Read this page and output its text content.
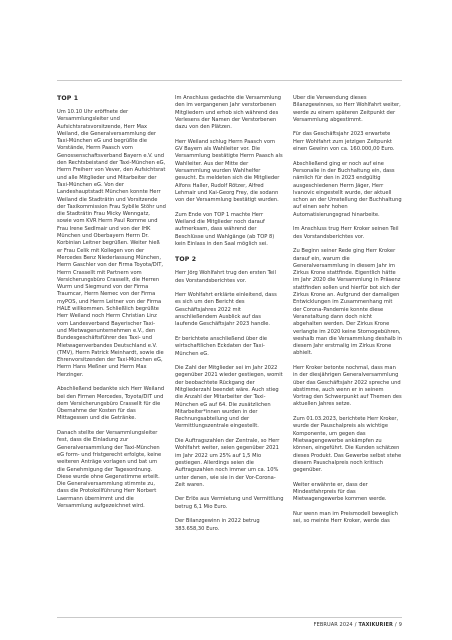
TOP 1

Um 10.10 Uhr eröffnete der Versammlungsleiter und Aufsichtsratsvorsitzende, Herr Max Weiland, die Generalversammlung der Taxi-München eG und begrüßte die Vorstände, Herrn Paasch vom Genossenschaftsverband Bayern e.V. und den Rechtsbeistand der Taxi-München eG, Herrn Freiherr von Vever, den Aufsichtsrat und alle Mitglieder und Mitarbeiter der Taxi-München eG. Von der Landeshauptstadt München konnte Herr Weiland die Stadträtin und Vorsitzende der Taxikommission Frau Sybille Stöhr und die Stadträtin Frau Micky Wenngatz, sowie vom KVR Herrn Paul Romme und Frau Irene Sedlmair und von der IHK München und Oberbayern Herrn Dr. Korbinian Leitner begrüßen. Weiter hieß er Frau Celik mit Kollegen von der Mercedes Benz Niederlassung München, Herrn Gaschler von der Firma Toyota/DIT, Herrn Crassellt mit Partnern vom Versicherungsbüro Crassellt, die Herren Wurm und Siegmund von der Firma Traumcar, Herrn Nemec von der Firma myPOS, und Herrn Leitner von der Firma HALE willkommen. Schließlich begrüßte Herr Weiland noch Herrn Christian Linz vom Landesverband Bayerischer Taxi- und Mietwagenunternehmen e.V., den Bundesgeschäftsführer des Taxi- und Mietwagenverbandes Deutschland e.V. (TMV), Herrn Patrick Meinhardt, sowie die Ehrenvorsitzenden der Taxi-München eG, Herrn Hans Meßner und Herrn Max Herzinger.

Abschließend bedankte sich Herr Weiland bei den Firmen Mercedes, Toyota/DIT und dem Versicherungsbüro Crassellt für die Übernahme der Kosten für das Mittagessen und die Getränke.

Danach stellte der Versammlungsleiter fest, dass die Einladung zur Generalversammlung der Taxi-München eG form- und fristgerecht erfolgte, keine weiteren Anträge vorlagen und bat um die Genehmigung der Tagesordnung. Diese wurde ohne Gegenstimme erteilt. Die Generalversammlung stimmte zu, dass die Protokollführung Herr Norbert Laermann übernimmt und die Versammlung aufgezeichnet wird.

Im Anschluss gedachte die Versammlung den im vergangenen Jahr verstorbenen Mitgliedern und erhob sich während des Verlesens der Namen der Verstorbenen dazu von den Plätzen.

Herr Weiland schlug Herrn Paasch vom GV Bayern als Wahlleiter vor. Die Versammlung bestätigte Herrn Paasch als Wahlleiter. Aus der Mitte der Versammlung wurden Wahlhelfer gesucht. Es meldeten sich die Mitglieder Alfons Haller, Rudolf Rötzer, Alfred Lehmair und Kai-Georg Frey, die sodann von der Versammlung bestätigt wurden.

Zum Ende von TOP 1 machte Herr Weiland die Mitglieder noch darauf aufmerksam, dass während der Beschlüsse und Wahlgänge (ab TOP 8) kein Einlass in den Saal möglich sei.

TOP 2

Herr Jörg Wohlfahrt trug den ersten Teil des Vorstandsberichtes vor.

Herr Wohlfahrt erklärte einleitend, dass es sich um den Bericht des Geschäftsjahres 2022 mit anschließendem Ausblick auf das laufende Geschäftsjahr 2023 handle.

Er berichtete anschließend über die wirtschaftlichen Eckdaten der Taxi-München eG.

Die Zahl der Mitglieder sei im Jahr 2022 gegenüber 2021 wieder gestiegen, womit der beobachtete Rückgang der Mitgliederzahl beendet wäre. Auch stieg die Anzahl der Mitarbeiter der Taxi-München eG auf 64. Die zusätzlichen Mitarbeiter*innen wurden in der Rechnungsabteilung und der Vermittlungszentrale eingestellt.

Die Auftragszahlen der Zentrale, so Herr Wohlfahrt weiter, seien gegenüber 2021 im Jahr 2022 um 25% auf 1,5 Mio gestiegen. Allerdings seien die Auftragszahlen noch immer um ca. 10% unter denen, wie sie in der Vor-Corona-Zeit waren.

Der Erlös aus Vermietung und Vermittlung betrug 6,1 Mio Euro.

Der Bilanzgewinn in 2022 betrug 383.658,30 Euro.

Über die Verwendung dieses Bilanzgewinnes, so Herr Wohlfahrt weiter, werde zu einem späteren Zeitpunkt der Versammlung abgestimmt.

Für das Geschäftsjahr 2023 erwartete Herr Wohlfahrt zum jetzigen Zeitpunkt einen Gewinn von ca. 160.000,00 Euro.

Abschließend ging er noch auf eine Personalie in der Buchhaltung ein, dass nämlich für den in 2023 endgültig ausgeschiedenen Herrn Jäger, Herr Ivanovic eingestellt wurde, der aktuell schon an der Umstellung der Buchhaltung auf einen sehr hohen Automatisierungsgrad hinarbeite.

Im Anschluss trug Herr Kroker seinen Teil des Vorstandsberichtes vor.

Zu Beginn seiner Rede ging Herr Kroker darauf ein, warum die Generalversammlung in diesem Jahr im Zirkus Krone stattfinde. Eigentlich hätte im Jahr 2020 die Versammlung in Präsenz stattfinden sollen und hierfür bot sich der Zirkus Krone an. Aufgrund der damaligen Entwicklungen im Zusammenhang mit der Corona-Pandemie konnte diese Veranstaltung dann doch nicht abgehalten werden. Der Zirkus Krone verlangte im 2020 keine Stornogebühren, weshalb man die Versammlung deshalb in diesem Jahr erstmalig im Zirkus Krone abhielt.

Herr Kroker betonte nochmal, dass man in der diesjährigen Generalversammlung über das Geschäftsjahr 2022 spreche und abstimme, auch wenn er in seinem Vortrag den Schwerpunkt auf Themen des aktuellen Jahres setze.

Zum 01.03.2023, berichtete Herr Kroker, wurde der Pauschalpreis als wichtige Komponente, um gegen das Mietwagengewerbe ankämpfen zu können, eingeführt. Die Kunden schätzen dieses Produkt. Das Gewerbe selbst stehe diesem Pauschalpreis noch kritisch gegenüber.

Weiter erwähnte er, dass der Mindestfahrpreis für das Mietwagengewerbe kommen werde.

Nur wenn man im Preismodell beweglich sei, so meinte Herr Kroker, werde das

FEBRUAR 2024 / TAXIKURIER / 9
